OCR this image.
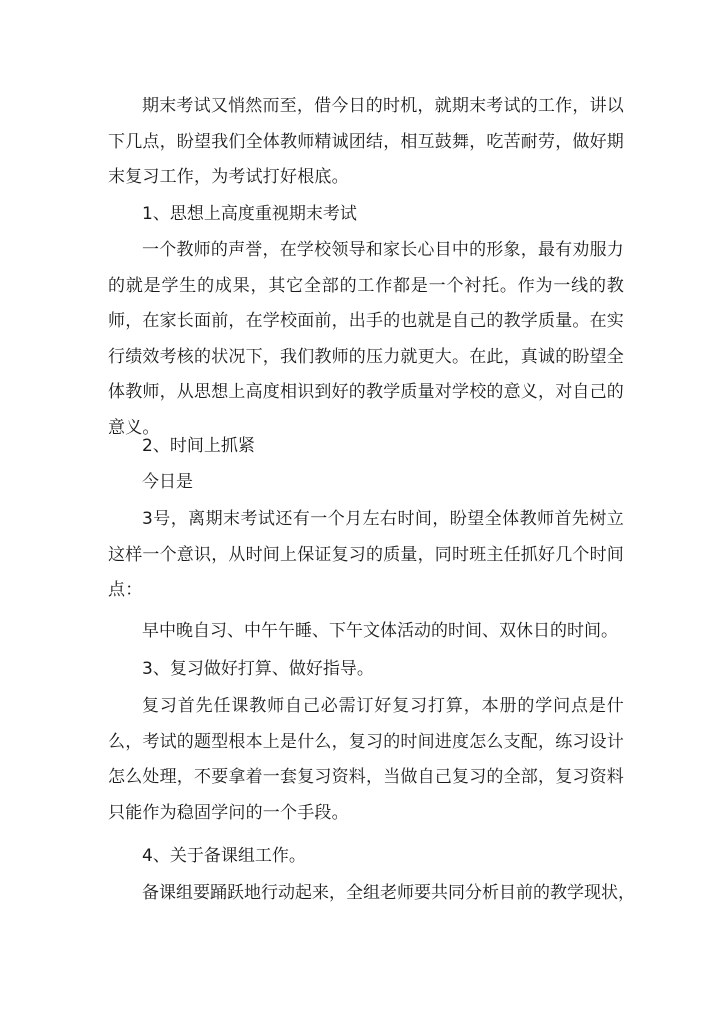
期末考试又悄然而至，借今日的时机，就期末考试的工作，讲以下几点，盼望我们全体教师精诚团结，相互鼓舞，吃苦耐劳，做好期末复习工作，为考试打好根底。

1、思想上高度重视期末考试

一个教师的声誉，在学校领导和家长心目中的形象，最有劝服力的就是学生的成果，其它全部的工作都是一个衬托。作为一线的教师，在家长面前，在学校面前，出手的也就是自己的教学质量。在实行绩效考核的状况下，我们教师的压力就更大。在此，真诚的盼望全体教师，从思想上高度相识到好的教学质量对学校的意义，对自己的意义。

2、时间上抓紧

今日是

3号，离期末考试还有一个月左右时间，盼望全体教师首先树立这样一个意识，从时间上保证复习的质量，同时班主任抓好几个时间点：

早中晚自习、中午午睡、下午文体活动的时间、双休日的时间。

3、复习做好打算、做好指导。

复习首先任课教师自己必需订好复习打算，本册的学问点是什么，考试的题型根本上是什么，复习的时间进度怎么支配，练习设计怎么处理，不要拿着一套复习资料，当做自己复习的全部，复习资料只能作为稳固学问的一个手段。

4、关于备课组工作。

备课组要踊跃地行动起来，全组老师要共同分析目前的教学现状，
